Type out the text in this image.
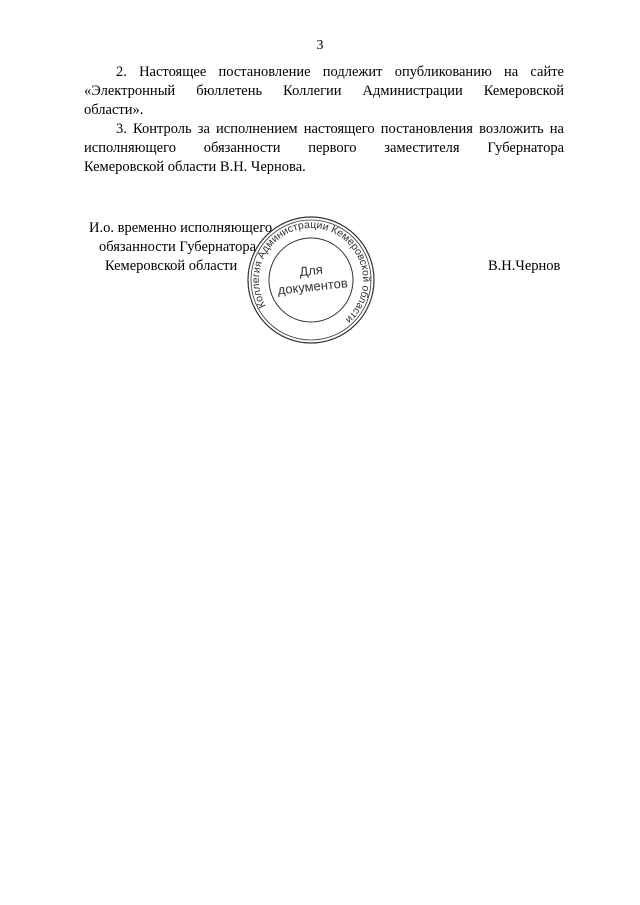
3
2. Настоящее постановление подлежит опубликованию на сайте
«Электронный бюллетень Коллегии Администрации Кемеровской
области».
3. Контроль за исполнением настоящего постановления возложить на
исполняющего обязанности первого заместителя Губернатора
Кемеровской области В.Н. Чернова.
И.о. временно исполняющего
обязанности Губернатора
Кемеровской области	В.Н.Чернов
Коллегия Администрации Кемеровской области
Для
документов
